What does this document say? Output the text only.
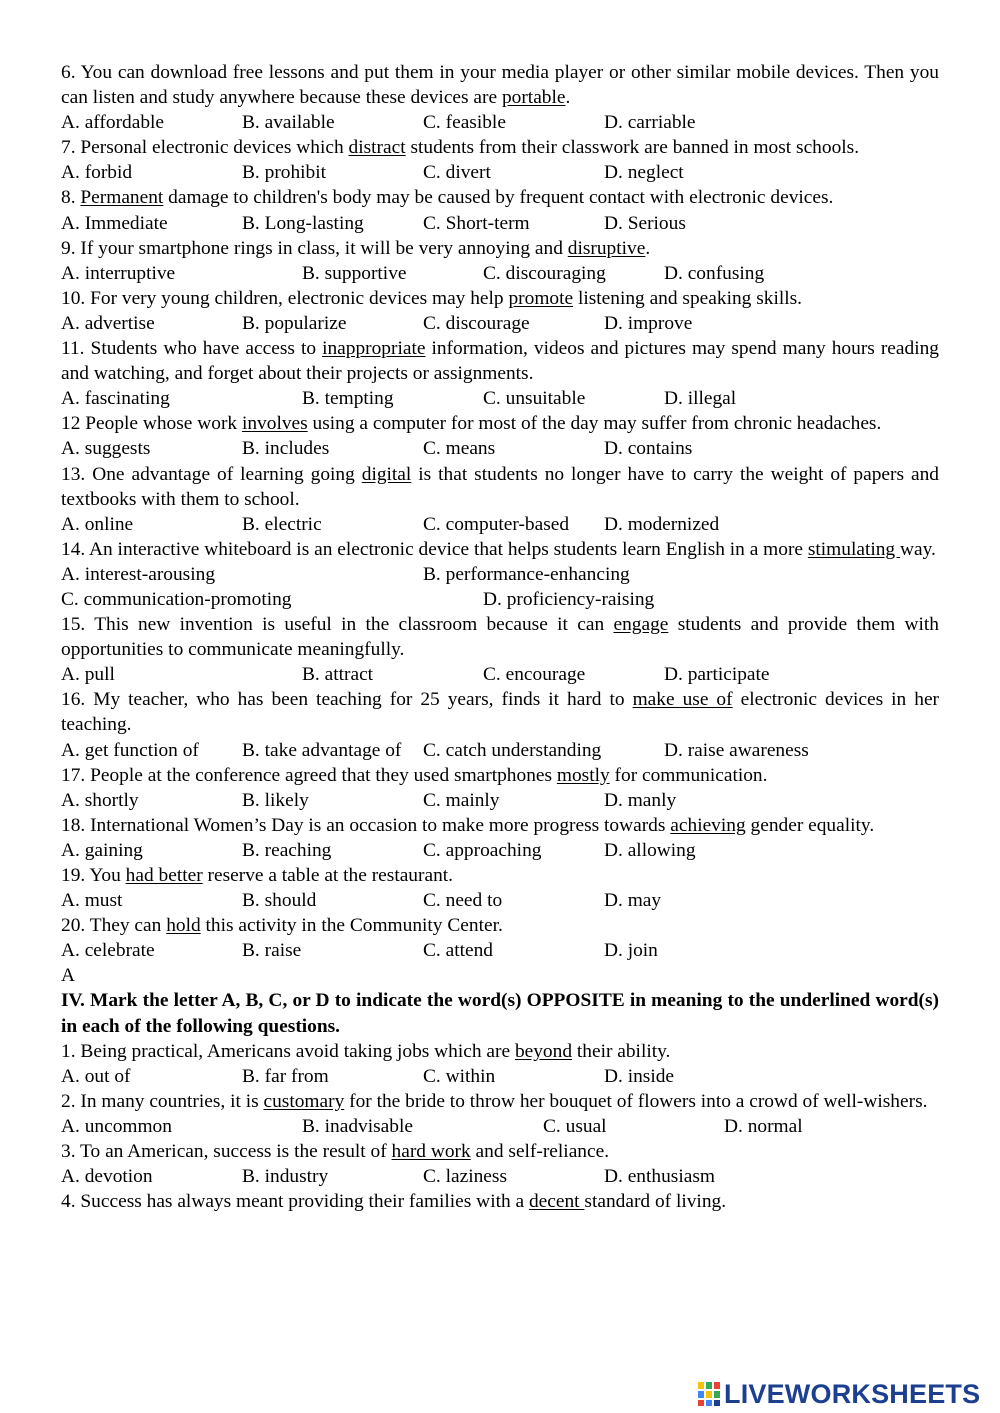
6. You can download free lessons and put them in your media player or other similar mobile devices. Then you can listen and study anywhere because these devices are portable.
A. affordable	B. available	C. feasible	D. carriable
7. Personal electronic devices which distract students from their classwork are banned in most schools.
A. forbid	B. prohibit	C. divert	D. neglect
8. Permanent damage to children's body may be caused by frequent contact with electronic devices.
A. Immediate	B. Long-lasting	C. Short-term	D. Serious
9. If your smartphone rings in class, it will be very annoying and disruptive.
A. interruptive	B. supportive	C. discouraging	D. confusing
10. For very young children, electronic devices may help promote listening and speaking skills.
A. advertise	B. popularize	C. discourage	D. improve
11. Students who have access to inappropriate information, videos and pictures may spend many hours reading and watching, and forget about their projects or assignments.
A. fascinating	B. tempting	C. unsuitable	D. illegal
12 People whose work involves using a computer for most of the day may suffer from chronic headaches.
A. suggests	B. includes	C. means	D. contains
13. One advantage of learning going digital is that students no longer have to carry the weight of papers and textbooks with them to school.
A. online	B. electric	C. computer-based D. modernized
14. An interactive whiteboard is an electronic device that helps students learn English in a more stimulating way.
A. interest-arousing	B. performance-enhancing
C. communication-promoting	D. proficiency-raising
15. This new invention is useful in the classroom because it can engage students and provide them with opportunities to communicate meaningfully.
A. pull	B. attract	C. encourage	D. participate
16. My teacher, who has been teaching for 25 years, finds it hard to make use of electronic devices in her teaching.
A. get function of B. take advantage of C. catch understanding	D. raise awareness
17. People at the conference agreed that they used smartphones mostly for communication.
A. shortly	B. likely	C. mainly	D. manly
18. International Women’s Day is an occasion to make more progress towards achieving gender equality.
A. gaining	B. reaching	C. approaching	D. allowing
19. You had better reserve a table at the restaurant.
A. must	B. should	C. need to	D. may
20. They can hold this activity in the Community Center.
A. celebrate	B. raise	C. attend	D. join
A
IV. Mark the letter A, B, C, or D to indicate the word(s) OPPOSITE in meaning to the underlined word(s) in each of the following questions.
1. Being practical, Americans avoid taking jobs which are beyond their ability.
A. out of	B. far from	C. within	D. inside
2. In many countries, it is customary for the bride to throw her bouquet of flowers into a crowd of well-wishers.
A. uncommon	B. inadvisable	C. usual	D. normal
3. To an American, success is the result of hard work and self-reliance.
A. devotion	B. industry	C. laziness	D. enthusiasm
4. Success has always meant providing their families with a decent standard of living.
LIVEWORKSHEETS
